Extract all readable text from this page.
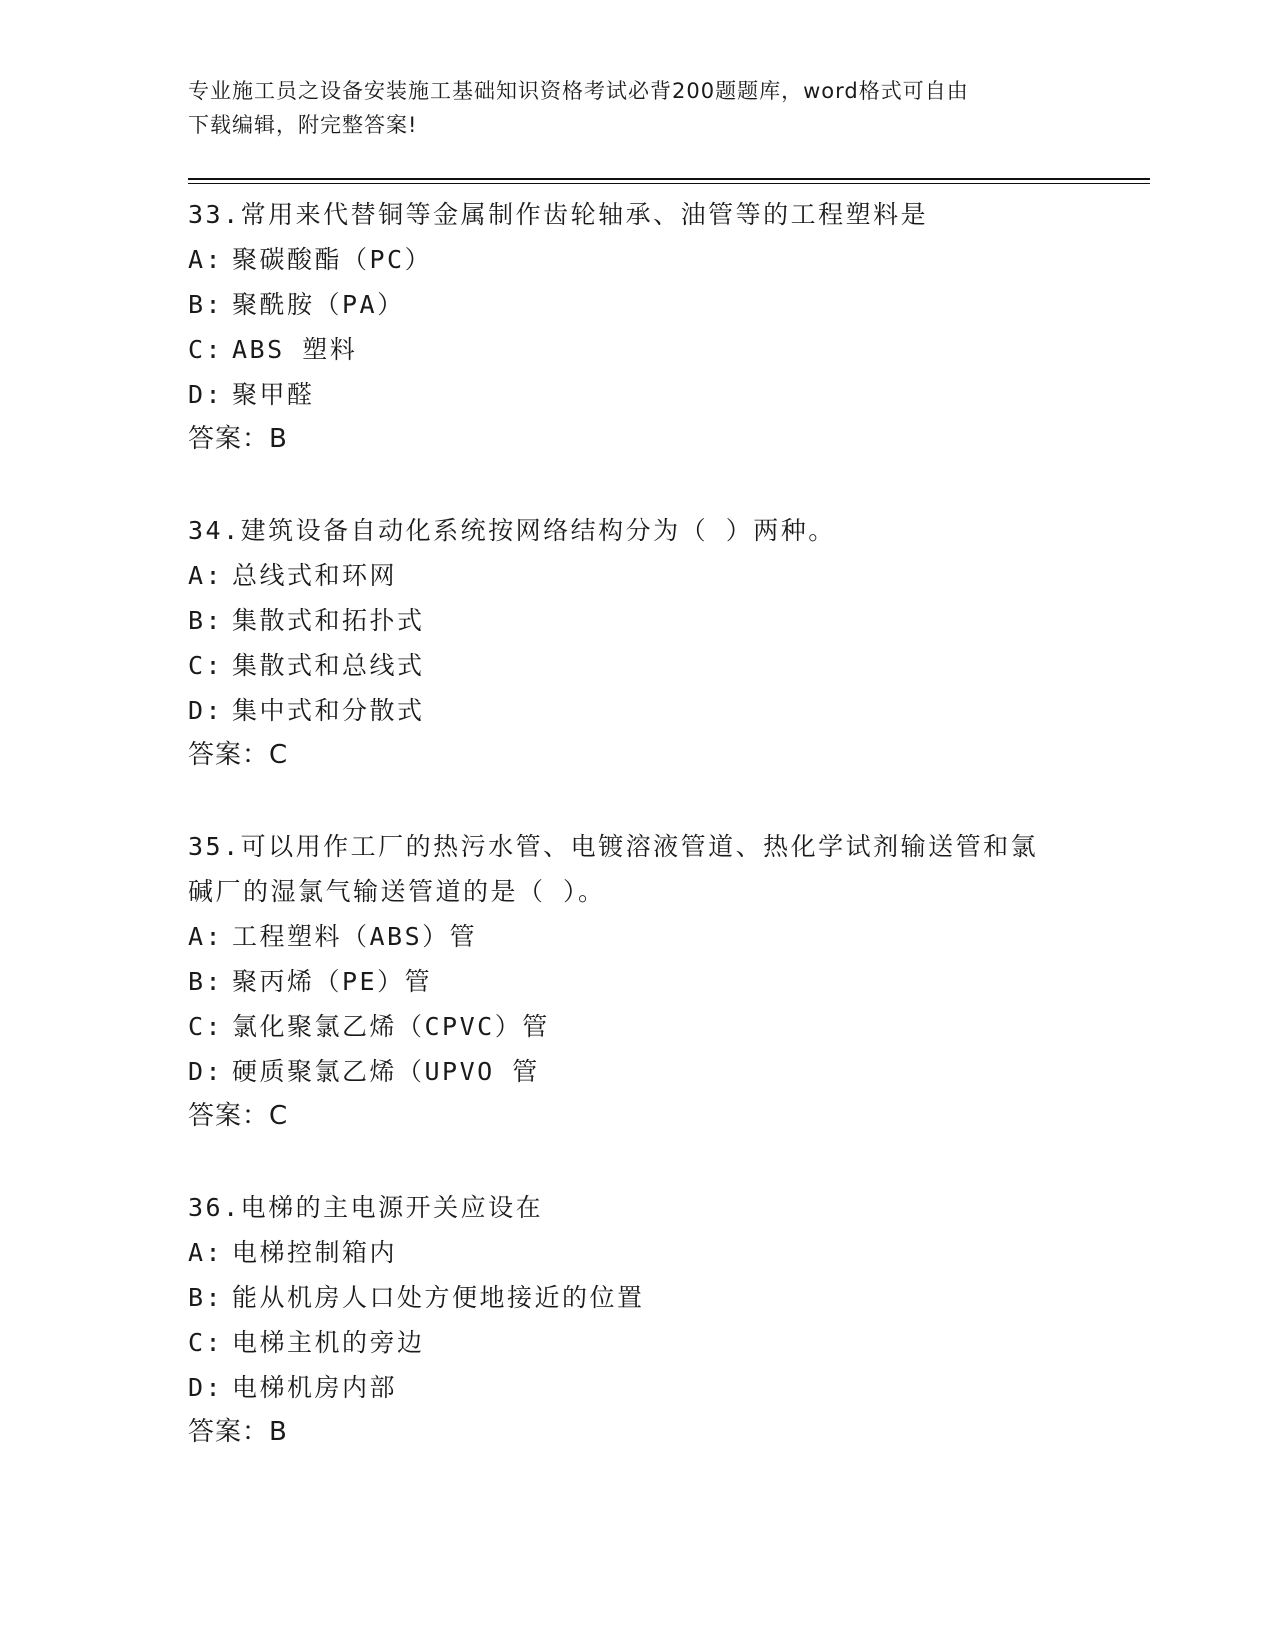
专业施工员之设备安装施工基础知识资格考试必背200题题库，word格式可自由
下载编辑，附完整答案!
33.常用来代替铜等金属制作齿轮轴承、油管等的工程塑料是
A: 聚碳酸酯（PC）
B: 聚酰胺（PA）
C: ABS 塑料
D: 聚甲醛
答案：B
34.建筑设备自动化系统按网络结构分为（ ）两种。
A: 总线式和环网
B: 集散式和拓扑式
C: 集散式和总线式
D: 集中式和分散式
答案：C
35.可以用作工厂的热污水管、电镀溶液管道、热化学试剂输送管和氯
碱厂的湿氯气输送管道的是（ ）。
A: 工程塑料（ABS）管
B: 聚丙烯（PE）管
C: 氯化聚氯乙烯（CPVC）管
D: 硬质聚氯乙烯（UPVO 管
答案：C
36.电梯的主电源开关应设在
A: 电梯控制箱内
B: 能从机房人口处方便地接近的位置
C: 电梯主机的旁边
D: 电梯机房内部
答案：B
